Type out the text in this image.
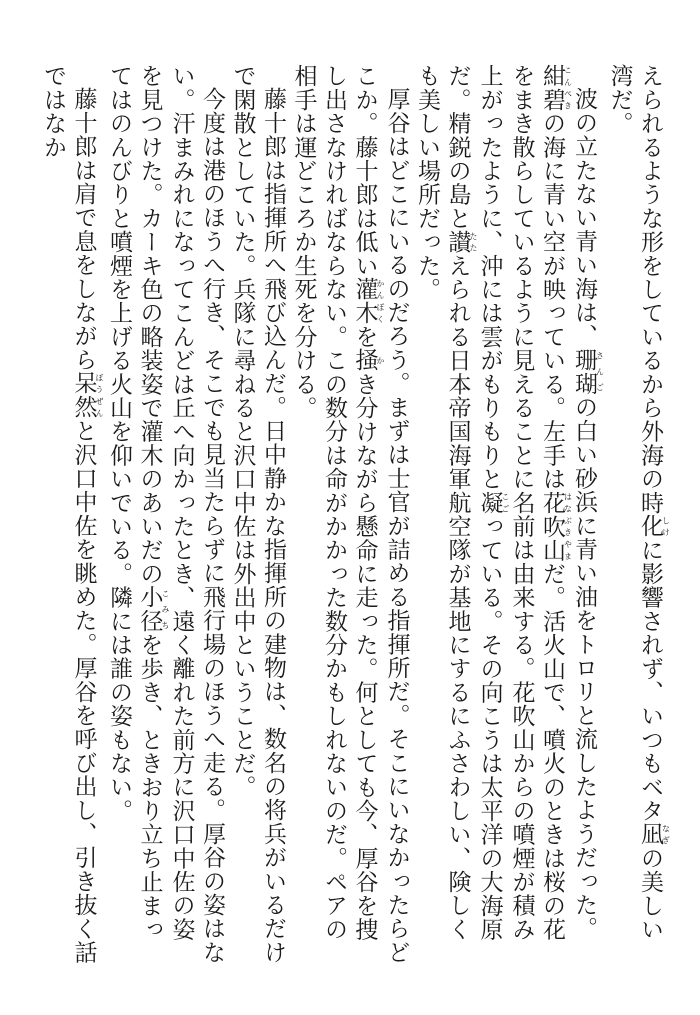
えられるような形をしているから外海の時化しけに影響されず、いつもベタ凪なぎの美しい湾だ。

波の立たない青い海は、珊瑚さんごの白い砂浜に青い油をトロリと流したようだった。紺碧こんぺきの海に青い空が映っている。左手は花吹山はなぶきやまだ。活火山で、噴火のときは桜の花をまき散らしているように見えることに名前は由来する。花吹山からの噴煙が積み上がったように、沖には雲がもりもりと凝こごっている。その向こうは太平洋の大海原だ。精鋭の島と讃たたえられる日本帝国海軍航空隊が基地にするにふさわしい、険しくも美しい場所だった。

厚谷はどこにいるのだろう。まずは士官が詰める指揮所だ。そこにいなかったらどこか。藤十郎は低い灌木かんぼくを掻かき分けながら懸命に走った。何としても今、厚谷を捜し出さなければならない。この数分は命がかかった数分かもしれないのだ。ペアの相手は運どころか生死を分ける。

藤十郎は指揮所へ飛び込んだ。日中静かな指揮所の建物は、数名の将兵がいるだけで閑散としていた。兵隊に尋ねると沢口中佐は外出中ということだ。

今度は港のほうへ行き、そこでも見当たらずに飛行場のほうへ走る。厚谷の姿はない。汗まみれになってこんどは丘へ向かったとき、遠く離れた前方に沢口中佐の姿を見つけた。カーキ色の略装姿で灌木のあいだの小径こみちを歩き、ときおり立ち止まってはのんびりと噴煙を上げる火山を仰いでいる。隣には誰の姿もない。

藤十郎は肩で息をしながら呆然ぼうぜんと沢口中佐を眺めた。厚谷を呼び出し、引き抜く話ではなか
